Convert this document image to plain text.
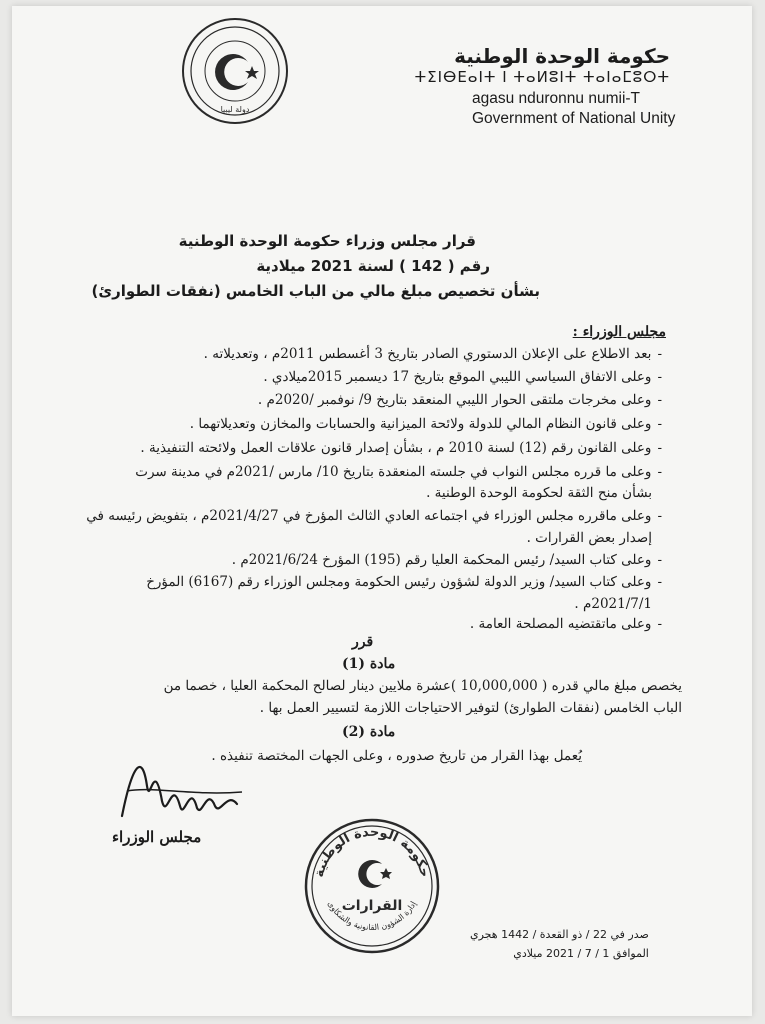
دولة ليبيا
حكومة الوحدة الوطنية
ⵜⵉⵏⴱⴹⴰⵏⵜ ⵏ ⵜⴰⵍⵓⵏⵜ ⵜⴰⵏⴰⵎⵓⵔⵜ
agasu nduronnu numii-T
Government of National Unity
قرار مجلس وزراء حكومة الوحدة الوطنية
رقم ( 142 ) لسنة 2021 ميلادية
بشأن تخصيص مبلغ مالي من الباب الخامس (نفقات الطوارئ)
مجلس الوزراء :
-بعد الاطلاع على الإعلان الدستوري الصادر بتاريخ 3 أغسطس 2011م ، وتعديلاته .
-وعلى الاتفاق السياسي الليبي الموقع بتاريخ 17 ديسمبر 2015ميلادي .
-وعلى مخرجات ملتقى الحوار الليبي المنعقد بتاريخ 9/ نوفمبر /2020م .
-وعلى قانون النظام المالي للدولة ولائحة الميزانية والحسابات والمخازن وتعديلاتهما .
-وعلى القانون رقم (12) لسنة 2010 م ، بشأن إصدار قانون علاقات العمل ولائحته التنفيذية .
-وعلى ما قرره مجلس النواب في جلسته المنعقدة بتاريخ 10/ مارس /2021م في مدينة سرت
بشأن منح الثقة لحكومة الوحدة الوطنية .
-وعلى ماقرره مجلس الوزراء في اجتماعه العادي الثالث المؤرخ في 2021/4/27م ، بتفويض رئيسه في
إصدار بعض القرارات .
-وعلى كتاب السيد/ رئيس المحكمة العليا رقم (195) المؤرخ 2021/6/24م .
-وعلى كتاب السيد/ وزير الدولة لشؤون رئيس الحكومة ومجلس الوزراء رقم (6167) المؤرخ
2021/7/1م .
-وعلى ماتقتضيه المصلحة العامة .
قرر
مادة (1)
يخصص مبلغ مالي قدره ( 10,000,000 )عشرة ملايين دينار لصالح المحكمة العليا ، خصما من
الباب الخامس (نفقات الطوارئ) لتوفير الاحتياجات اللازمة لتسيير العمل بها .
مادة (2)
يُعمل بهذا القرار من تاريخ صدوره ، وعلى الجهات المختصة تنفيذه .
مجلس الوزراء
حكومة الوحدة الوطنية
القرارات
إدارة الشؤون القانونية والشكاوى
صدر في 22 / ذو القعدة / 1442 هجري
الموافق 1 / 7 / 2021 ميلادي
